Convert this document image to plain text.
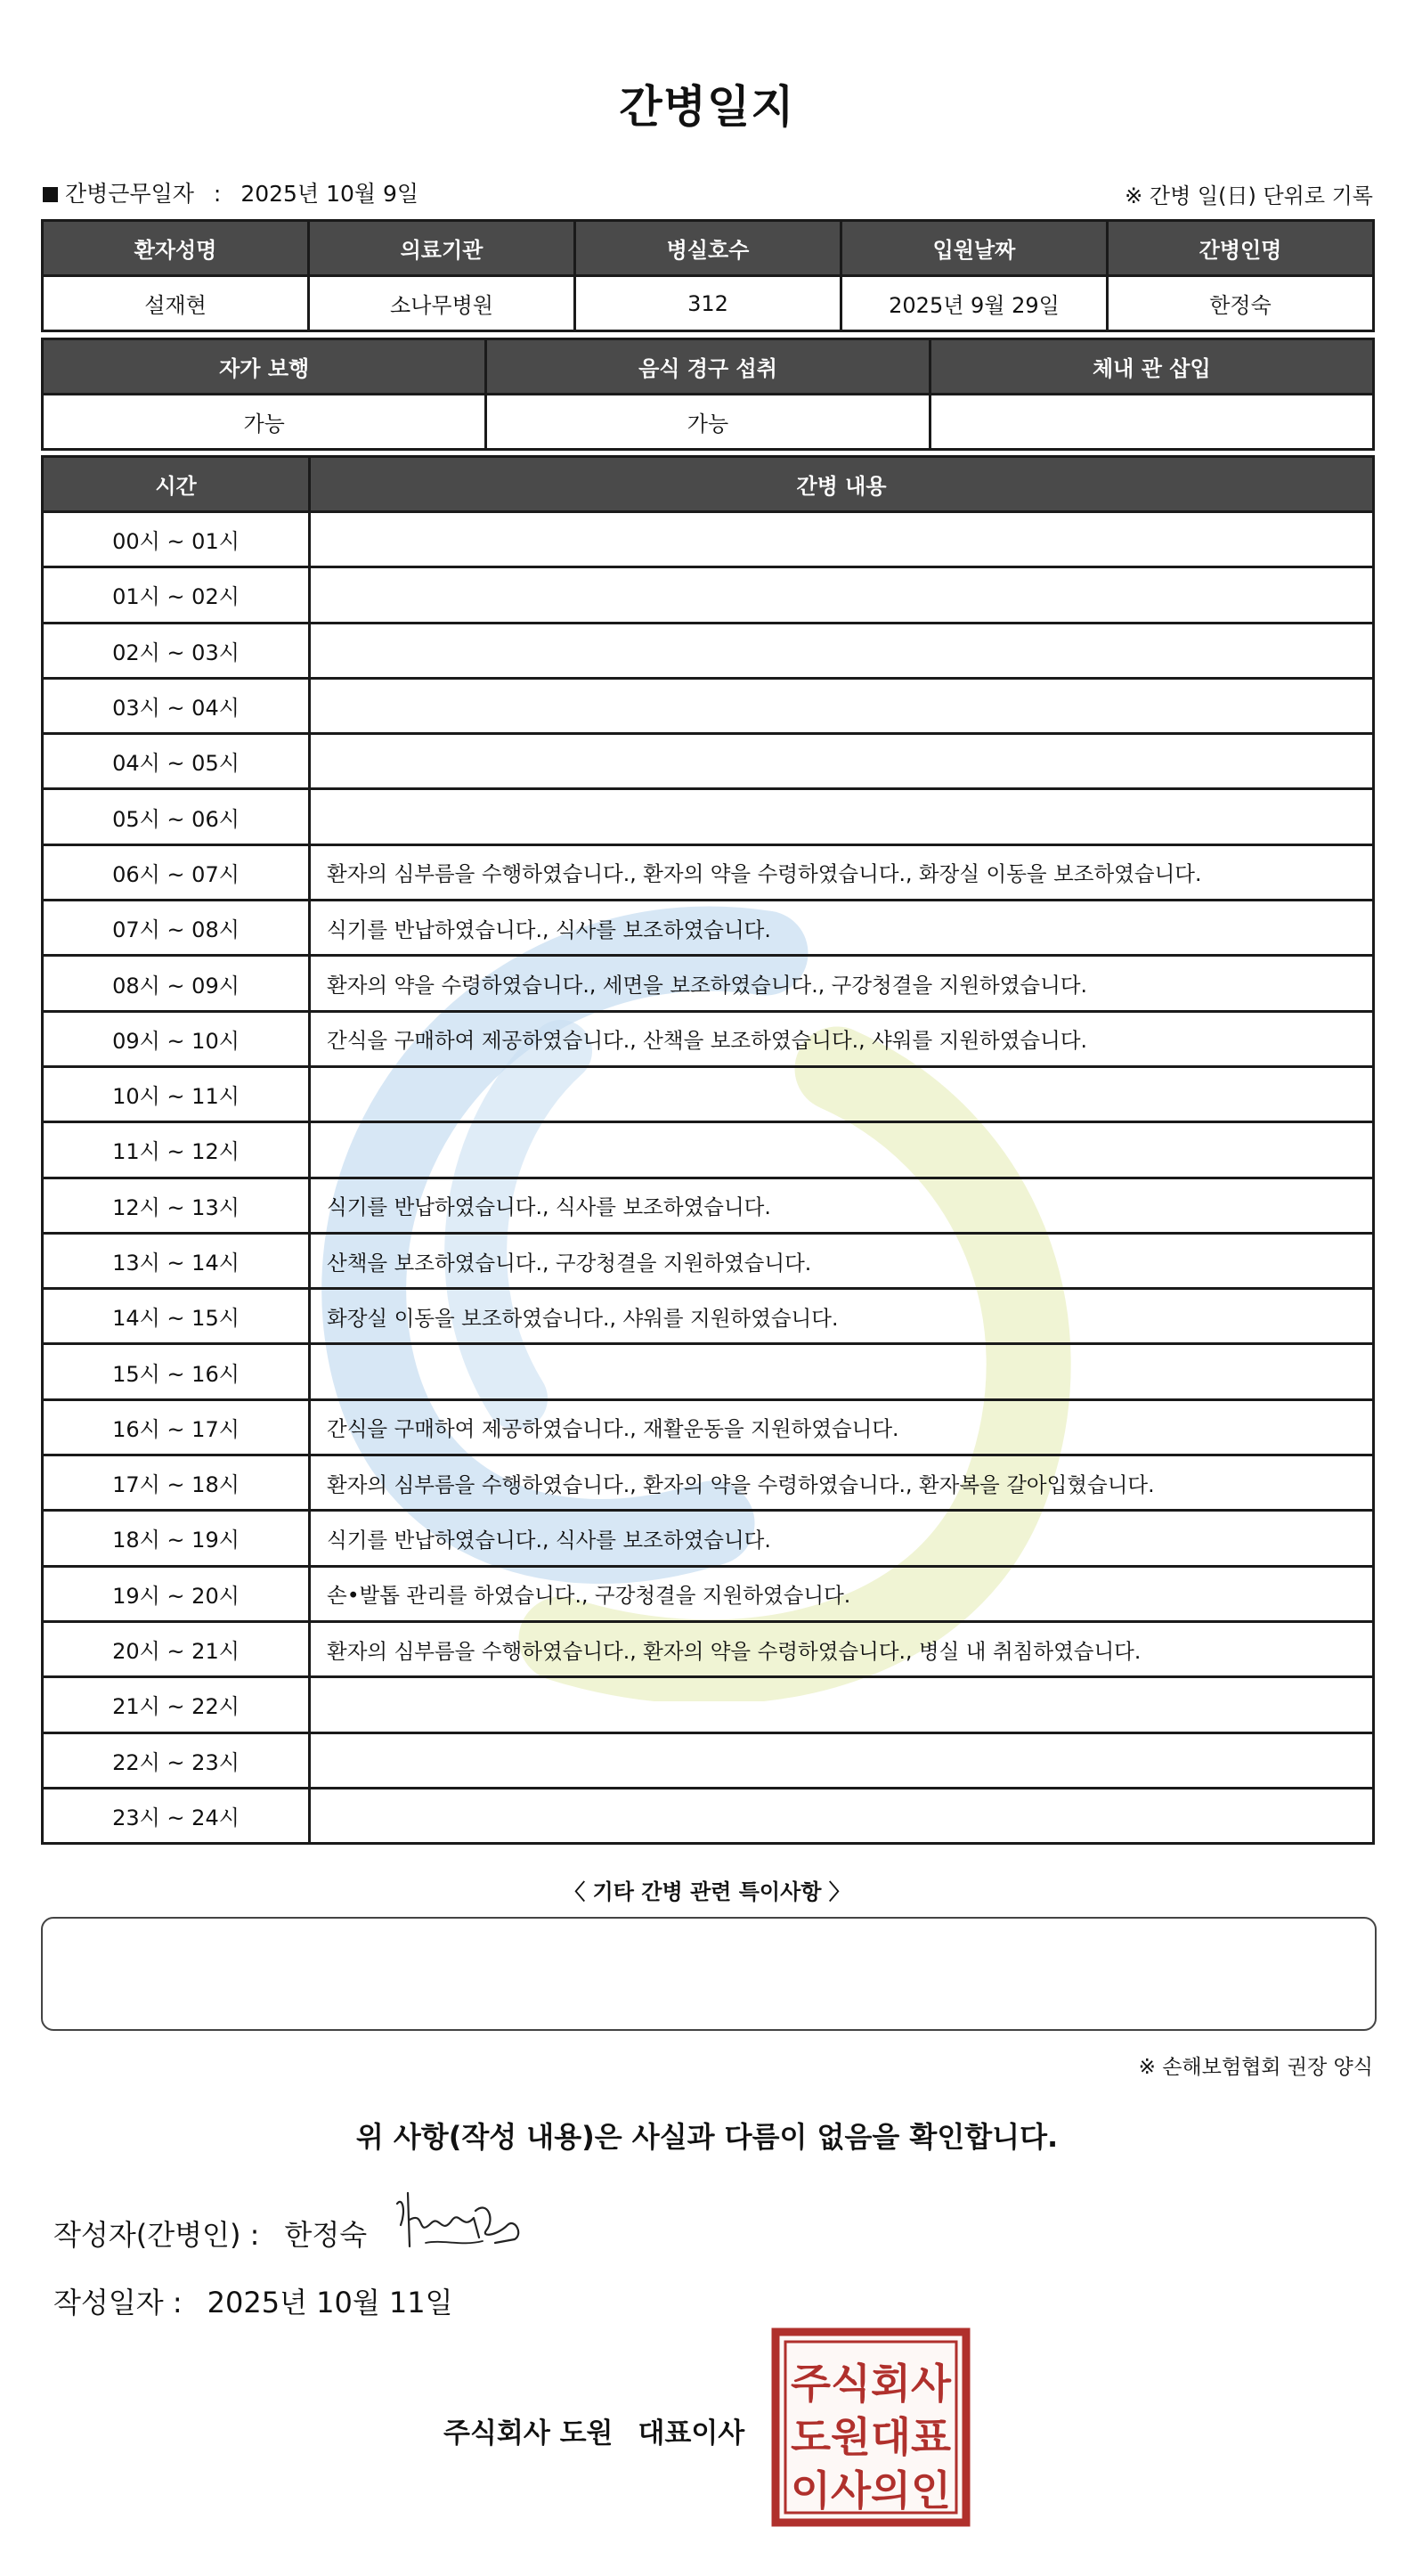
간병일지
간병근무일자 : 2025년 10월 9일	※ 간병 일(日) 단위로 기록
환자성명	의료기관	병실호수	입원날짜	간병인명
설재현	소나무병원	312	2025년 9월 29일	한정숙
자가 보행	음식 경구 섭취	체내 관 삽입
가능	가능	
시간	간병 내용
00시 ~ 01시	
01시 ~ 02시	
02시 ~ 03시	
03시 ~ 04시	
04시 ~ 05시	
05시 ~ 06시	
06시 ~ 07시	환자의 심부름을 수행하였습니다., 환자의 약을 수령하였습니다., 화장실 이동을 보조하였습니다.
07시 ~ 08시	식기를 반납하였습니다., 식사를 보조하였습니다.
08시 ~ 09시	환자의 약을 수령하였습니다., 세면을 보조하였습니다., 구강청결을 지원하였습니다.
09시 ~ 10시	간식을 구매하여 제공하였습니다., 산책을 보조하였습니다., 샤워를 지원하였습니다.
10시 ~ 11시	
11시 ~ 12시	
12시 ~ 13시	식기를 반납하였습니다., 식사를 보조하였습니다.
13시 ~ 14시	산책을 보조하였습니다., 구강청결을 지원하였습니다.
14시 ~ 15시	화장실 이동을 보조하였습니다., 샤워를 지원하였습니다.
15시 ~ 16시	
16시 ~ 17시	간식을 구매하여 제공하였습니다., 재활운동을 지원하였습니다.
17시 ~ 18시	환자의 심부름을 수행하였습니다., 환자의 약을 수령하였습니다., 환자복을 갈아입혔습니다.
18시 ~ 19시	식기를 반납하였습니다., 식사를 보조하였습니다.
19시 ~ 20시	손•발톱 관리를 하였습니다., 구강청결을 지원하였습니다.
20시 ~ 21시	환자의 심부름을 수행하였습니다., 환자의 약을 수령하였습니다., 병실 내 취침하였습니다.
21시 ~ 22시	
22시 ~ 23시	
23시 ~ 24시	
〈 기타 간병 관련 특이사항 〉
※ 손해보험협회 권장 양식
위 사항(작성 내용)은 사실과 다름이 없음을 확인합니다.
작성자(간병인) : 한정숙
작성일자 : 2025년 10월 11일
주식회사 도원 대표이사
주식회사
도원대표
이사의인
